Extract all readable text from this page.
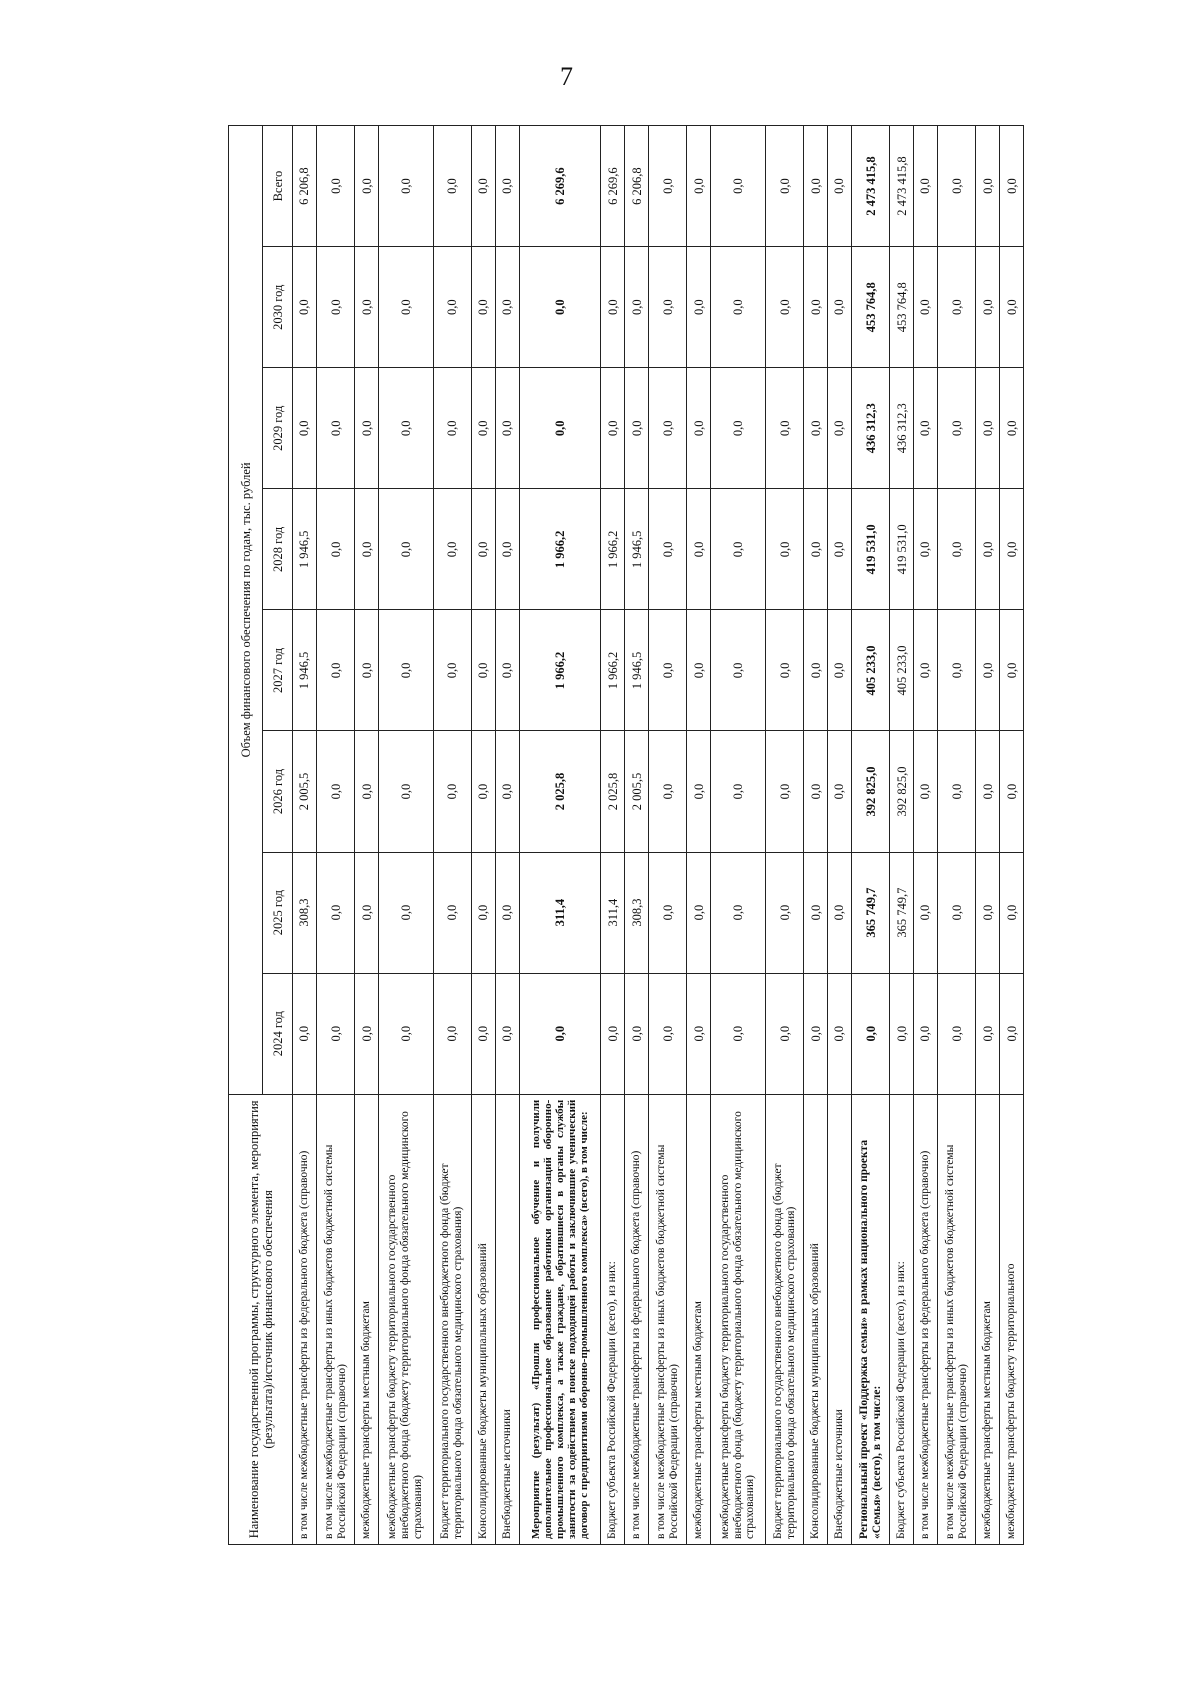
7
Наименование государственной программы, структурного элемента, мероприятия (результата)/источник финансового обеспечения	Объем финансового обеспечения по годам, тыс. рублей							
	2024 год	2025 год	2026 год	2027 год	2028 год	2029 год	2030 год	Всего
в том числе межбюджетные трансферты из федерального бюджета (справочно)	0,0	308,3	2 005,5	1 946,5	1 946,5	0,0	0,0	6 206,8
в том числе межбюджетные трансферты из иных бюджетов бюджетной системы Российской Федерации (справочно)	0,0	0,0	0,0	0,0	0,0	0,0	0,0	0,0
межбюджетные трансферты местным бюджетам	0,0	0,0	0,0	0,0	0,0	0,0	0,0	0,0
межбюджетные трансферты бюджету территориального государственного внебюджетного фонда (бюджету территориального фонда обязательного медицинского страхования)	0,0	0,0	0,0	0,0	0,0	0,0	0,0	0,0
Бюджет территориального государственного внебюджетного фонда (бюджет территориального фонда обязательного медицинского страхования)	0,0	0,0	0,0	0,0	0,0	0,0	0,0	0,0
Консолидированные бюджеты муниципальных образований	0,0	0,0	0,0	0,0	0,0	0,0	0,0	0,0
Внебюджетные источники	0,0	0,0	0,0	0,0	0,0	0,0	0,0	0,0
Мероприятие (результат) «Прошли профессиональное обучение и получили дополнительное профессиональное образование работники организаций оборонно-промышленного комплекса, а также граждане, обратившиеся в органы службы занятости за содействием в поиске подходящей работы и заключившие ученический договор с предприятиями оборонно-промышленного комплекса» (всего), в том числе:	0,0	311,4	2 025,8	1 966,2	1 966,2	0,0	0,0	6 269,6
Бюджет субъекта Российской Федерации (всего), из них:	0,0	311,4	2 025,8	1 966,2	1 966,2	0,0	0,0	6 269,6
в том числе межбюджетные трансферты из федерального бюджета (справочно)	0,0	308,3	2 005,5	1 946,5	1 946,5	0,0	0,0	6 206,8
в том числе межбюджетные трансферты из иных бюджетов бюджетной системы Российской Федерации (справочно)	0,0	0,0	0,0	0,0	0,0	0,0	0,0	0,0
межбюджетные трансферты местным бюджетам	0,0	0,0	0,0	0,0	0,0	0,0	0,0	0,0
межбюджетные трансферты бюджету территориального государственного внебюджетного фонда (бюджету территориального фонда обязательного медицинского страхования)	0,0	0,0	0,0	0,0	0,0	0,0	0,0	0,0
Бюджет территориального государственного внебюджетного фонда (бюджет территориального фонда обязательного медицинского страхования)	0,0	0,0	0,0	0,0	0,0	0,0	0,0	0,0
Консолидированные бюджеты муниципальных образований	0,0	0,0	0,0	0,0	0,0	0,0	0,0	0,0
Внебюджетные источники	0,0	0,0	0,0	0,0	0,0	0,0	0,0	0,0
Региональный проект «Поддержка семьи» в рамках национального проекта «Семья» (всего), в том числе:	0,0	365 749,7	392 825,0	405 233,0	419 531,0	436 312,3	453 764,8	2 473 415,8
Бюджет субъекта Российской Федерации (всего), из них:	0,0	365 749,7	392 825,0	405 233,0	419 531,0	436 312,3	453 764,8	2 473 415,8
в том числе межбюджетные трансферты из федерального бюджета (справочно)	0,0	0,0	0,0	0,0	0,0	0,0	0,0	0,0
в том числе межбюджетные трансферты из иных бюджетов бюджетной системы Российской Федерации (справочно)	0,0	0,0	0,0	0,0	0,0	0,0	0,0	0,0
межбюджетные трансферты местным бюджетам	0,0	0,0	0,0	0,0	0,0	0,0	0,0	0,0
межбюджетные трансферты бюджету территориального	0,0	0,0	0,0	0,0	0,0	0,0	0,0	0,0
